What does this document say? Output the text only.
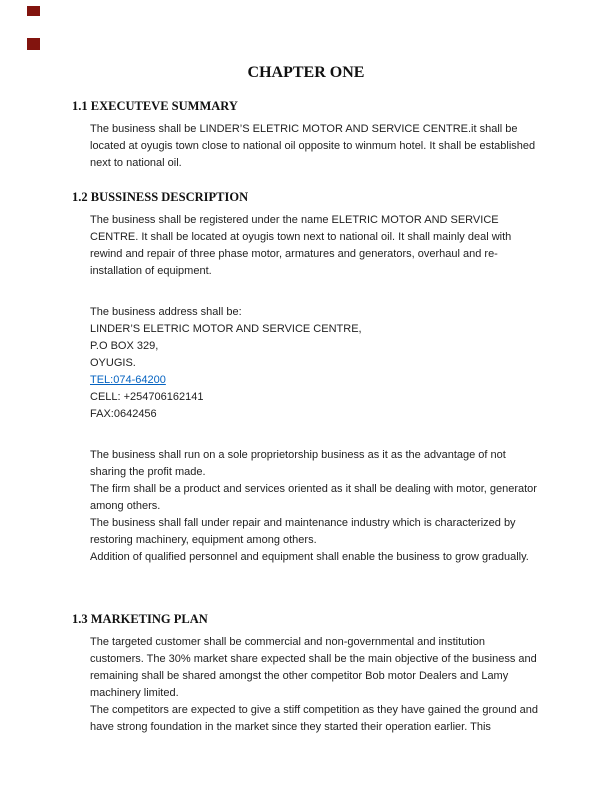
CHAPTER ONE
1.1 EXECUTEVE SUMMARY

The business shall be LINDER’S ELETRIC MOTOR AND SERVICE CENTRE.it shall be located at oyugis town close to national oil opposite to winmum hotel. It shall be established next to national oil.

1.2 BUSSINESS DESCRIPTION

The business shall be registered under the name ELETRIC MOTOR AND SERVICE CENTRE. It shall be located at oyugis town next to national oil. It shall mainly deal with rewind and repair of three phase motor, armatures and generators, overhaul and re-installation of equipment.

The business address shall be:

LINDER’S ELETRIC MOTOR AND SERVICE CENTRE,

P.O BOX 329,

OYUGIS.

TEL:074-64200

CELL: +254706162141

FAX:0642456

The business shall run on a sole proprietorship business as it as the advantage of not sharing the profit made.

The firm shall be a product and services oriented as it shall be dealing with motor, generator among others.

The business shall fall under repair and maintenance industry which is characterized by restoring machinery, equipment among others.

Addition of qualified personnel and equipment shall enable the business to grow gradually.

1.3 MARKETING PLAN

The targeted customer shall be commercial and non-governmental and institution customers. The 30% market share expected shall be the main objective of the business and remaining shall be shared amongst the other competitor Bob motor Dealers and Lamy machinery limited.

The competitors are expected to give a stiff competition as they have gained the ground and have strong foundation in the market since they started their operation earlier. This
